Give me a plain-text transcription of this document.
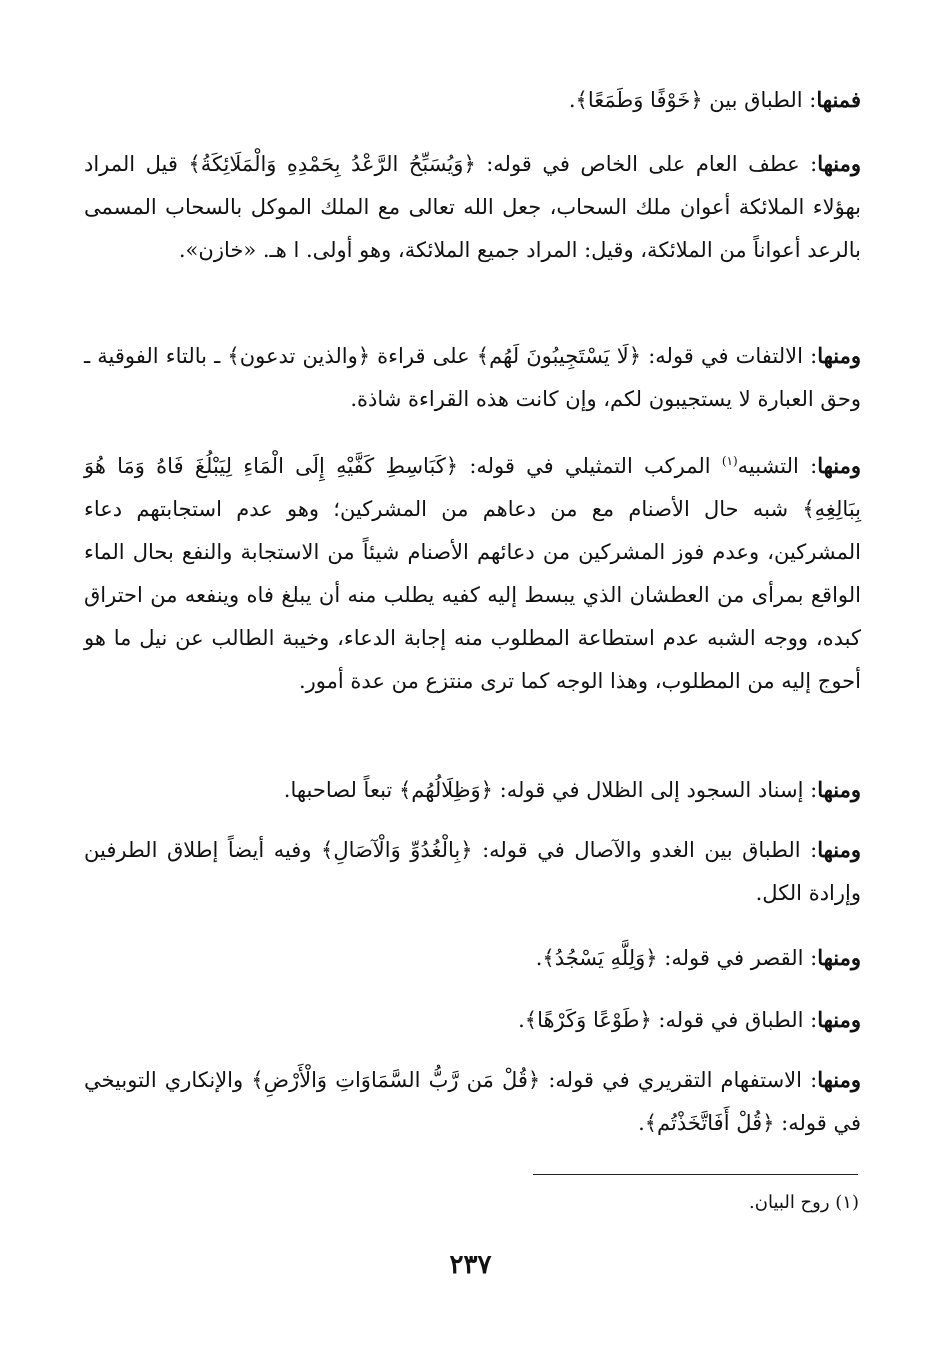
فمنها: الطباق بين ﴿خَوْفًا وَطَمَعًا﴾.

ومنها: عطف العام على الخاص في قوله: ﴿وَيُسَبِّحُ الرَّعْدُ بِحَمْدِهِ وَالْمَلَائِكَةُ﴾ قيل المراد بهؤلاء الملائكة أعوان ملك السحاب، جعل الله تعالى مع الملك الموكل بالسحاب المسمى بالرعد أعواناً من الملائكة، وقيل: المراد جميع الملائكة، وهو أولى. ا هـ. «خازن».

ومنها: الالتفات في قوله: ﴿لَا يَسْتَجِيبُونَ لَهُم﴾ على قراءة ﴿والذين تدعون﴾ ـ بالتاء الفوقية ـ وحق العبارة لا يستجيبون لكم، وإن كانت هذه القراءة شاذة.

ومنها: التشبيه$^{(١)}$ المركب التمثيلي في قوله: ﴿كَبَاسِطِ كَفَّيْهِ إِلَى الْمَاءِ لِيَبْلُغَ فَاهُ وَمَا هُوَ بِبَالِغِهِ﴾ شبه حال الأصنام مع من دعاهم من المشركين؛ وهو عدم استجابتهم دعاء المشركين، وعدم فوز المشركين من دعائهم الأصنام شيئاً من الاستجابة والنفع بحال الماء الواقع بمرأى من العطشان الذي يبسط إليه كفيه يطلب منه أن يبلغ فاه وينفعه من احتراق كبده، ووجه الشبه عدم استطاعة المطلوب منه إجابة الدعاء، وخيبة الطالب عن نيل ما هو أحوج إليه من المطلوب، وهذا الوجه كما ترى منتزع من عدة أمور.

ومنها: إسناد السجود إلى الظلال في قوله: ﴿وَظِلَالُهُم﴾ تبعاً لصاحبها.

ومنها: الطباق بين الغدو والآصال في قوله: ﴿بِالْغُدُوِّ وَالْآصَالِ﴾ وفيه أيضاً إطلاق الطرفين وإرادة الكل.

ومنها: القصر في قوله: ﴿وَلِلَّهِ يَسْجُدُ﴾.

ومنها: الطباق في قوله: ﴿طَوْعًا وَكَرْهًا﴾.

ومنها: الاستفهام التقريري في قوله: ﴿قُلْ مَن رَّبُّ السَّمَاوَاتِ وَالْأَرْضِ﴾ والإنكاري التوبيخي في قوله: ﴿قُلْ أَفَاتَّخَذْتُم﴾.

(١) روح البيان.
٢٣٧
